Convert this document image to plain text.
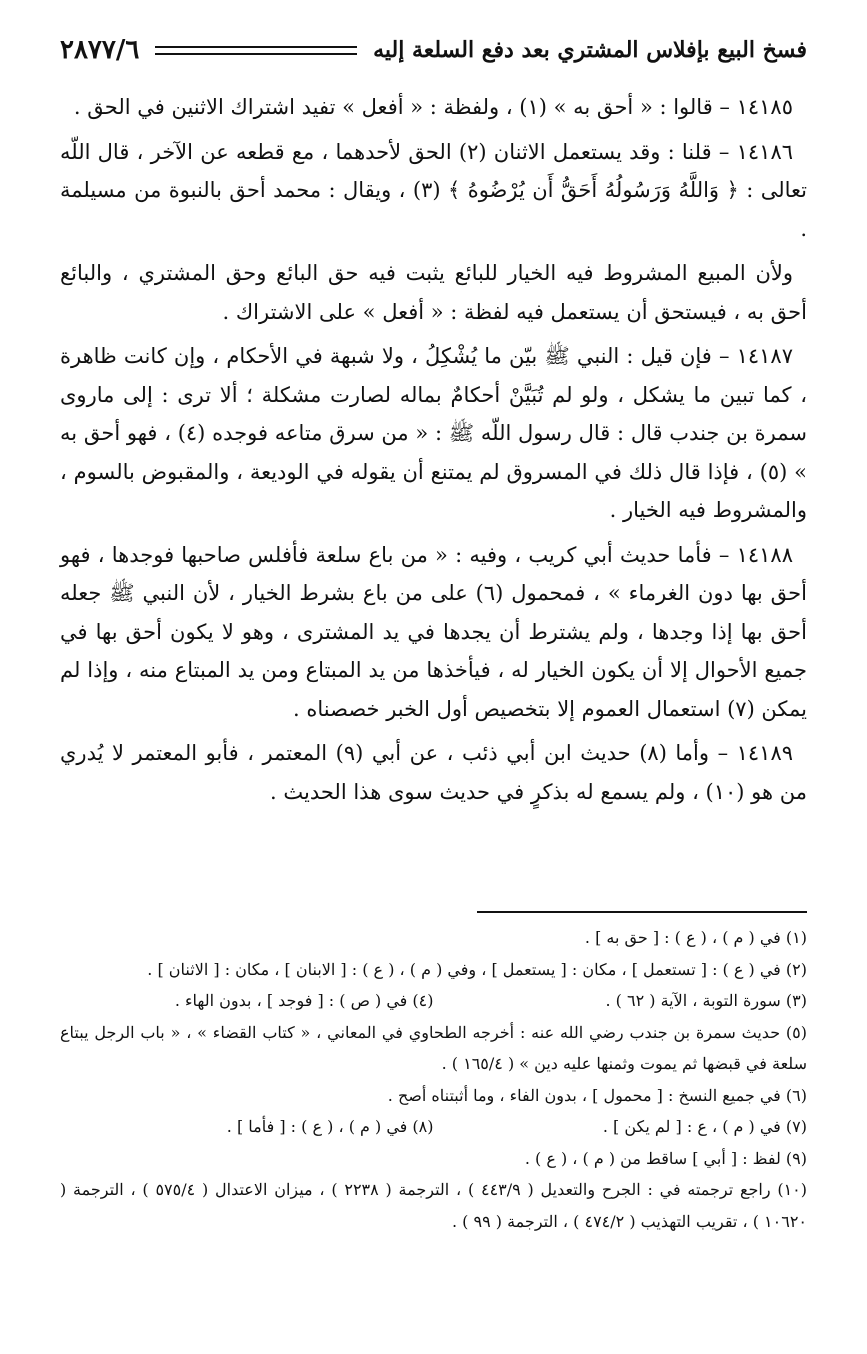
فسخ البيع بإفلاس المشتري بعد دفع السلعة إليه
٢٨٧٧/٦

١٤١٨٥ – قالوا : « أحق به » (١) ، ولفظة : « أفعل » تفيد اشتراك الاثنين في الحق .

١٤١٨٦ – قلنا : وقد يستعمل الاثنان (٢) الحق لأحدهما ، مع قطعه عن الآخر ، قال اللّه تعالى : ﴿ وَاللَّهُ وَرَسُولُهُ أَحَقُّ أَن يُرْضُوهُ ﴾ (٣) ، ويقال : محمد أحق بالنبوة من مسيلمة .

ولأن المبيع المشروط فيه الخيار للبائع يثبت فيه حق البائع وحق المشتري ، والبائع أحق به ، فيستحق أن يستعمل فيه لفظة : « أفعل » على الاشتراك .

١٤١٨٧ – فإن قيل : النبي ﷺ بيّن ما يُشْكِلُ ، ولا شبهة في الأحكام ، وإن كانت ظاهرة ، كما تبين ما يشكل ، ولو لم تُبَيَّنْ أحكامٌ بماله لصارت مشكلة ؛ ألا ترى : إلى ماروى سمرة بن جندب قال : قال رسول اللّه ﷺ : « من سرق متاعه فوجده (٤) ، فهو أحق به » (٥) ، فإذا قال ذلك في المسروق لم يمتنع أن يقوله في الوديعة ، والمقبوض بالسوم ، والمشروط فيه الخيار .

١٤١٨٨ – فأما حديث أبي كريب ، وفيه : « من باع سلعة فأفلس صاحبها فوجدها ، فهو أحق بها دون الغرماء » ، فمحمول (٦) على من باع بشرط الخيار ، لأن النبي ﷺ جعله أحق بها إذا وجدها ، ولم يشترط أن يجدها في يد المشترى ، وهو لا يكون أحق بها في جميع الأحوال إلا أن يكون الخيار له ، فيأخذها من يد المبتاع ومن يد المبتاع منه ، وإذا لم يمكن (٧) استعمال العموم إلا بتخصيص أول الخبر خصصناه .

١٤١٨٩ – وأما (٨) حديث ابن أبي ذئب ، عن أبي (٩) المعتمر ، فأبو المعتمر لا يُدري من هو (١٠) ، ولم يسمع له بذكرٍ في حديث سوى هذا الحديث .

(١) في ( م ) ، ( ع ) : [ حق به ] .

(٢) في ( ع ) : [ تستعمل ] ، مكان : [ يستعمل ] ، وفي ( م ) ، ( ع ) : [ الابنان ] ، مكان : [ الاثنان ] .

(٣) سورة التوبة ، الآية ( ٦٢ ) .
(٤) في ( ص ) : [ فوجد ] ، بدون الهاء .

(٥) حديث سمرة بن جندب رضي الله عنه : أخرجه الطحاوي في المعاني ، « كتاب القضاء » ، « باب الرجل يبتاع سلعة في قبضها ثم يموت وثمنها عليه دين » ( ١٦٥/٤ ) .

(٦) في جميع النسخ : [ محمول ] ، بدون الفاء ، وما أثبتناه أصح .

(٧) في ( م ) ، ع : [ لم يكن ] .
(٨) في ( م ) ، ( ع ) : [ فأما ] .

(٩) لفظ : [ أبي ] ساقط من ( م ) ، ( ع ) .

(١٠) راجع ترجمته في : الجرح والتعديل ( ٤٤٣/٩ ) ، الترجمة ( ٢٢٣٨ ) ، ميزان الاعتدال ( ٥٧٥/٤ ) ، الترجمة ( ١٠٦٢٠ ) ، تقريب التهذيب ( ٤٧٤/٢ ) ، الترجمة ( ٩٩ ) .
